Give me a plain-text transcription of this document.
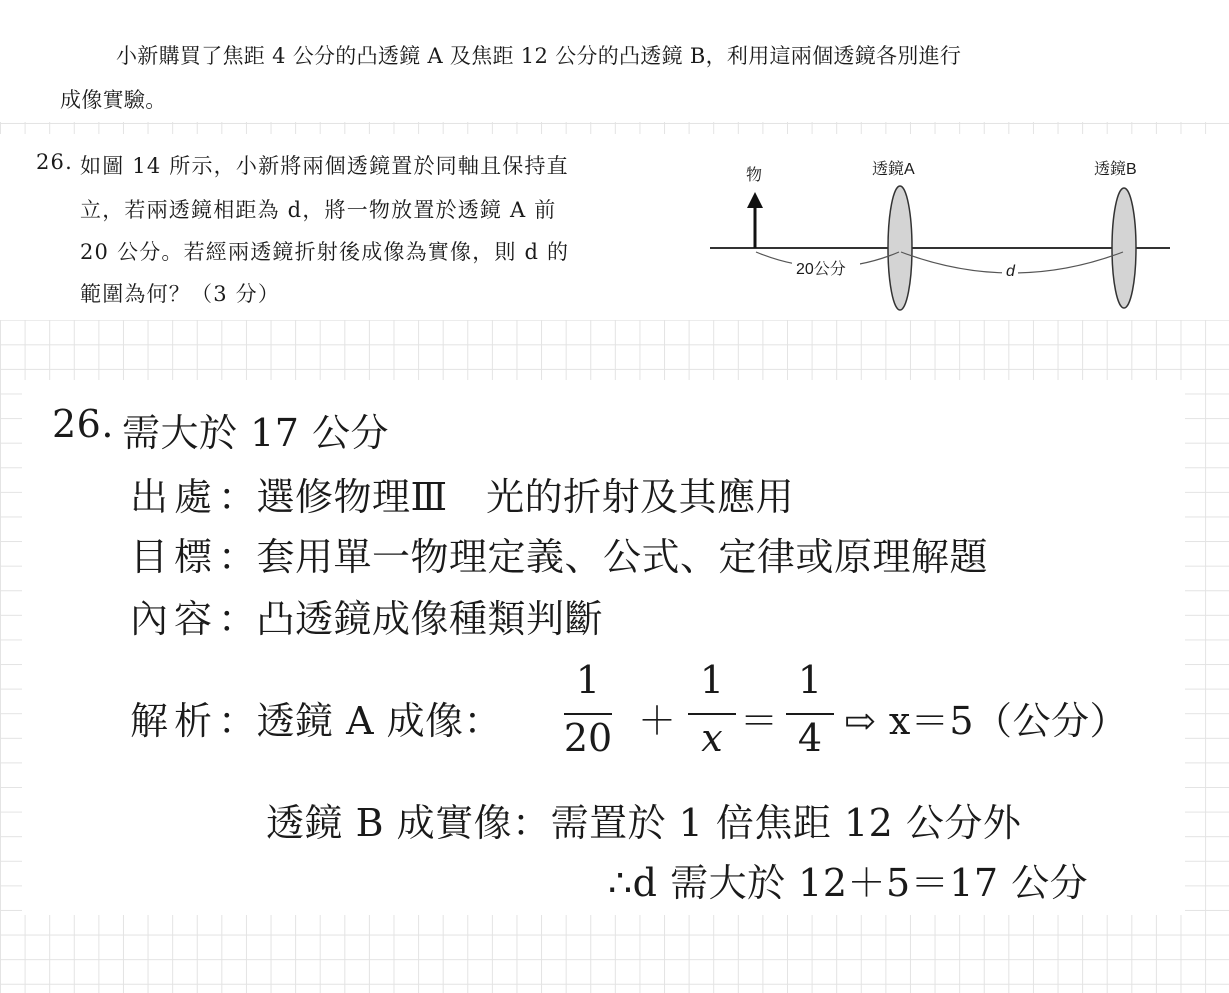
小新購買了焦距 4 公分的凸透鏡 A 及焦距 12 公分的凸透鏡 B，利用這兩個透鏡各別進行
成像實驗。
26. 如圖 14 所示，小新將兩個透鏡置於同軸且保持直
立，若兩透鏡相距為 d，將一物放置於透鏡 A 前
20 公分。若經兩透鏡折射後成像為實像，則 d 的
範圍為何？（3 分）
物	透鏡A	透鏡B
20公分	d
26. 需大於 17 公分
出處：選修物理Ⅲ　光的折射及其應用
目標：套用單一物理定義、公式、定律或原理解題
內容：凸透鏡成像種類判斷
解析：透鏡 A 成像：
1
20 ＋
1
x ＝
1
4 ⇨ x＝5（公分）
透鏡 B 成實像：需置於 1 倍焦距 12 公分外
∴d 需大於 12＋5＝17 公分
